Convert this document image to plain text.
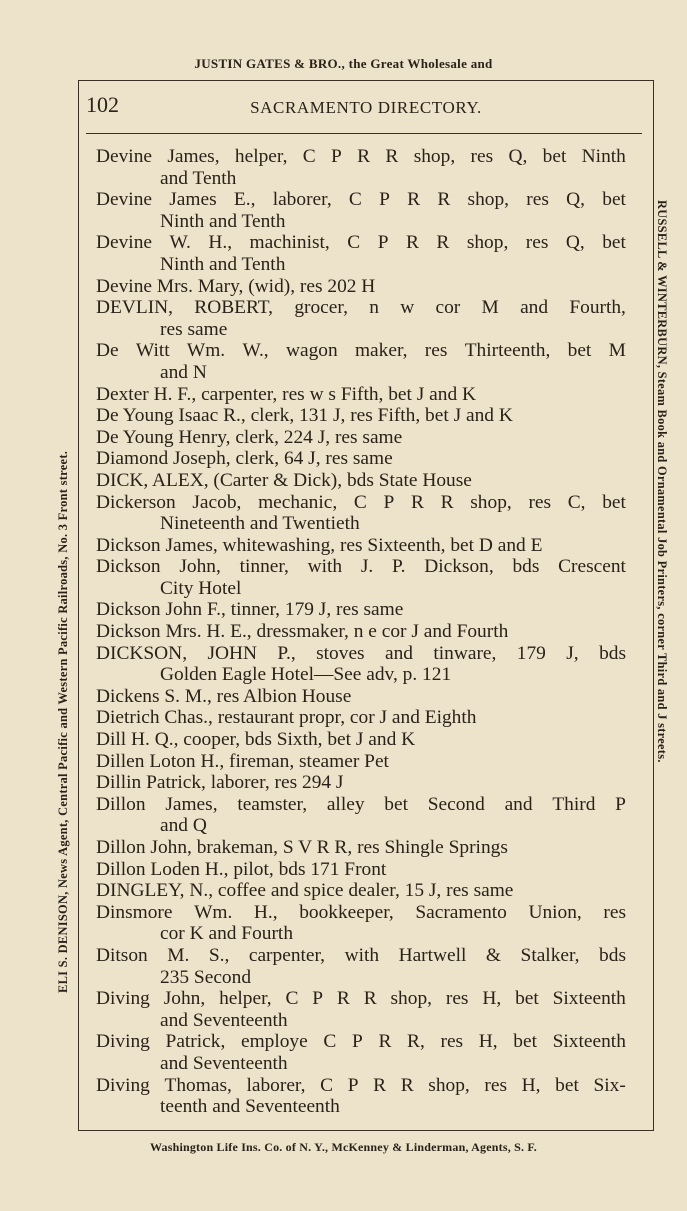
JUSTIN GATES & BRO., the Great Wholesale and
102	SACRAMENTO DIRECTORY.
Devine James, helper, C P R R shop, res Q, bet Ninth
and Tenth
Devine James E., laborer, C P R R shop, res Q, bet
Ninth and Tenth
Devine W. H., machinist, C P R R shop, res Q, bet
Ninth and Tenth
Devine Mrs. Mary, (wid), res 202 H
DEVLIN, ROBERT, grocer, n w cor M and Fourth,
res same
De Witt Wm. W., wagon maker, res Thirteenth, bet M
and N
Dexter H. F., carpenter, res w s Fifth, bet J and K
De Young Isaac R., clerk, 131 J, res Fifth, bet J and K
De Young Henry, clerk, 224 J, res same
Diamond Joseph, clerk, 64 J, res same
DICK, ALEX, (Carter & Dick), bds State House
Dickerson Jacob, mechanic, C P R R shop, res C, bet
Nineteenth and Twentieth
Dickson James, whitewashing, res Sixteenth, bet D and E
Dickson John, tinner, with J. P. Dickson, bds Crescent
City Hotel
Dickson John F., tinner, 179 J, res same
Dickson Mrs. H. E., dressmaker, n e cor J and Fourth
DICKSON, JOHN P., stoves and tinware, 179 J, bds
Golden Eagle Hotel—See adv, p. 121
Dickens S. M., res Albion House
Dietrich Chas., restaurant propr, cor J and Eighth
Dill H. Q., cooper, bds Sixth, bet J and K
Dillen Loton H., fireman, steamer Pet
Dillin Patrick, laborer, res 294 J
Dillon James, teamster, alley bet Second and Third P
and Q
Dillon John, brakeman, S V R R, res Shingle Springs
Dillon Loden H., pilot, bds 171 Front
DINGLEY, N., coffee and spice dealer, 15 J, res same
Dinsmore Wm. H., bookkeeper, Sacramento Union, res
cor K and Fourth
Ditson M. S., carpenter, with Hartwell & Stalker, bds
235 Second
Diving John, helper, C P R R shop, res H, bet Sixteenth
and Seventeenth
Diving Patrick, employe C P R R, res H, bet Sixteenth
and Seventeenth
Diving Thomas, laborer, C P R R shop, res H, bet Six-
teenth and Seventeenth
Washington Life Ins. Co. of N. Y., McKenney & Linderman, Agents, S. F.
ELI S. DENISON, News Agent, Central Pacific and Western Pacific Railroads, No. 3 Front street.	RUSSELL & WINTERBURN, Steam Book and Ornamental Job Printers, corner Third and J streets.
